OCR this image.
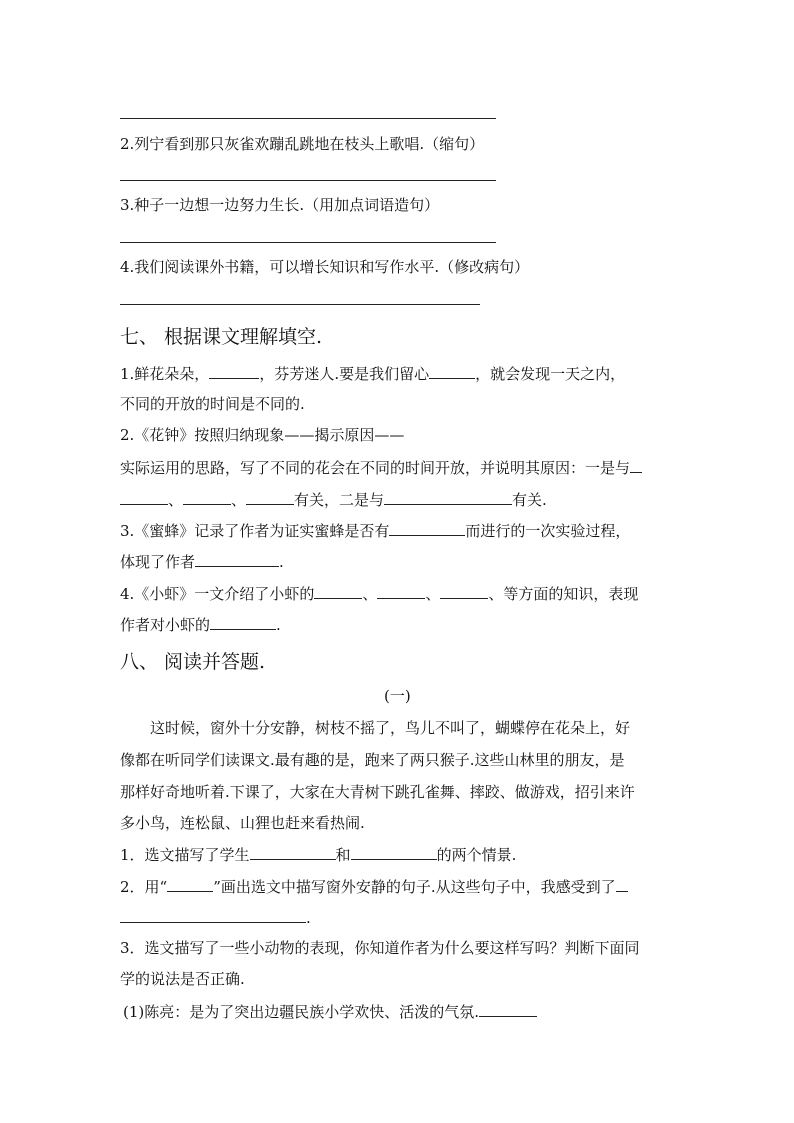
2.列宁看到那只灰雀欢蹦乱跳地在枝头上歌唱.（缩句）
3.种子一边想一边努力生长.（用加点词语造句）
4.我们阅读课外书籍，可以增长知识和写作水平.（修改病句）
七、 根据课文理解填空.
1.鲜花朵朵，	，芬芳迷人.要是我们留心	，就会发现一天之内，
不同的开放的时间是不同的.
2.《花钟》按照归纳现象——揭示原因——
实际运用的思路，写了不同的花会在不同的时间开放，并说明其原因：一是与
、	、	有关，二是与	有关.
3.《蜜蜂》记录了作者为证实蜜蜂是否有	而进行的一次实验过程，
体现了作者	.
4.《小虾》一文介绍了小虾的	、	、	、等方面的知识，表现
作者对小虾的	.
八、 阅读并答题.
(一)
这时候，窗外十分安静，树枝不摇了，鸟儿不叫了，蝴蝶停在花朵上，好
像都在听同学们读课文.最有趣的是，跑来了两只猴子.这些山林里的朋友，是
那样好奇地听着.下课了，大家在大青树下跳孔雀舞、摔跤、做游戏，招引来许
多小鸟，连松鼠、山狸也赶来看热闹.
1．选文描写了学生	和	的两个情景.
2．用“	”画出选文中描写窗外安静的句子.从这些句子中，我感受到了
.
3．选文描写了一些小动物的表现，你知道作者为什么要这样写吗？判断下面同
学的说法是否正确.
(1)陈亮：是为了突出边疆民族小学欢快、活泼的气氛.
